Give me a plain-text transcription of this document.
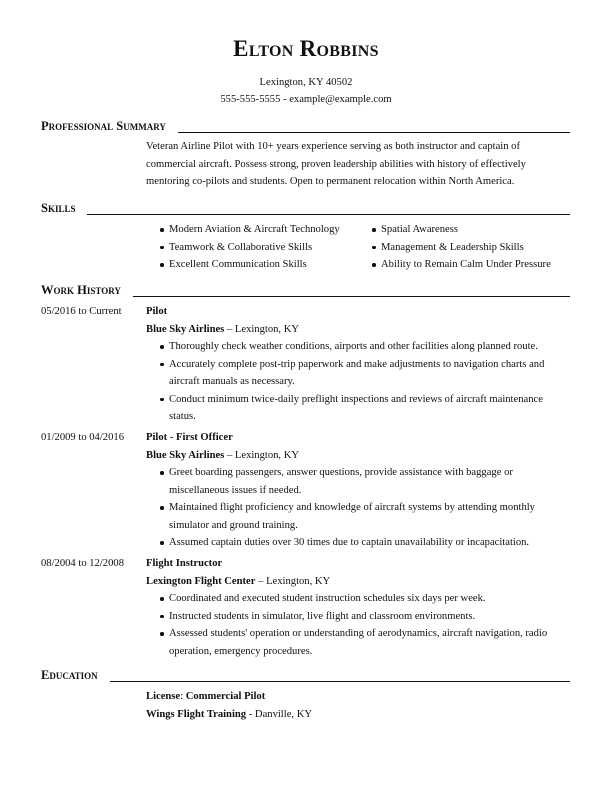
Elton Robbins
Lexington, KY 40502
555-555-5555 - example@example.com
Professional Summary
Veteran Airline Pilot with 10+ years experience serving as both instructor and captain of commercial aircraft. Possess strong, proven leadership abilities with history of effectively mentoring co-pilots and students. Open to permanent relocation within North America.
Skills
Modern Aviation & Aircraft Technology
Teamwork & Collaborative Skills
Excellent Communication Skills
Spatial Awareness
Management & Leadership Skills
Ability to Remain Calm Under Pressure
Work History
05/2016 to Current Pilot
Blue Sky Airlines – Lexington, KY
Thoroughly check weather conditions, airports and other facilities along planned route.
Accurately complete post-trip paperwork and make adjustments to navigation charts and aircraft manuals as necessary.
Conduct minimum twice-daily preflight inspections and reviews of aircraft maintenance status.
01/2009 to 04/2016 Pilot - First Officer
Blue Sky Airlines – Lexington, KY
Greet boarding passengers, answer questions, provide assistance with baggage or miscellaneous issues if needed.
Maintained flight proficiency and knowledge of aircraft systems by attending monthly simulator and ground training.
Assumed captain duties over 30 times due to captain unavailability or incapacitation.
08/2004 to 12/2008 Flight Instructor
Lexington Flight Center – Lexington, KY
Coordinated and executed student instruction schedules six days per week.
Instructed students in simulator, live flight and classroom environments.
Assessed students' operation or understanding of aerodynamics, aircraft navigation, radio operation, emergency procedures.
Education
License: Commercial Pilot
Wings Flight Training - Danville, KY
